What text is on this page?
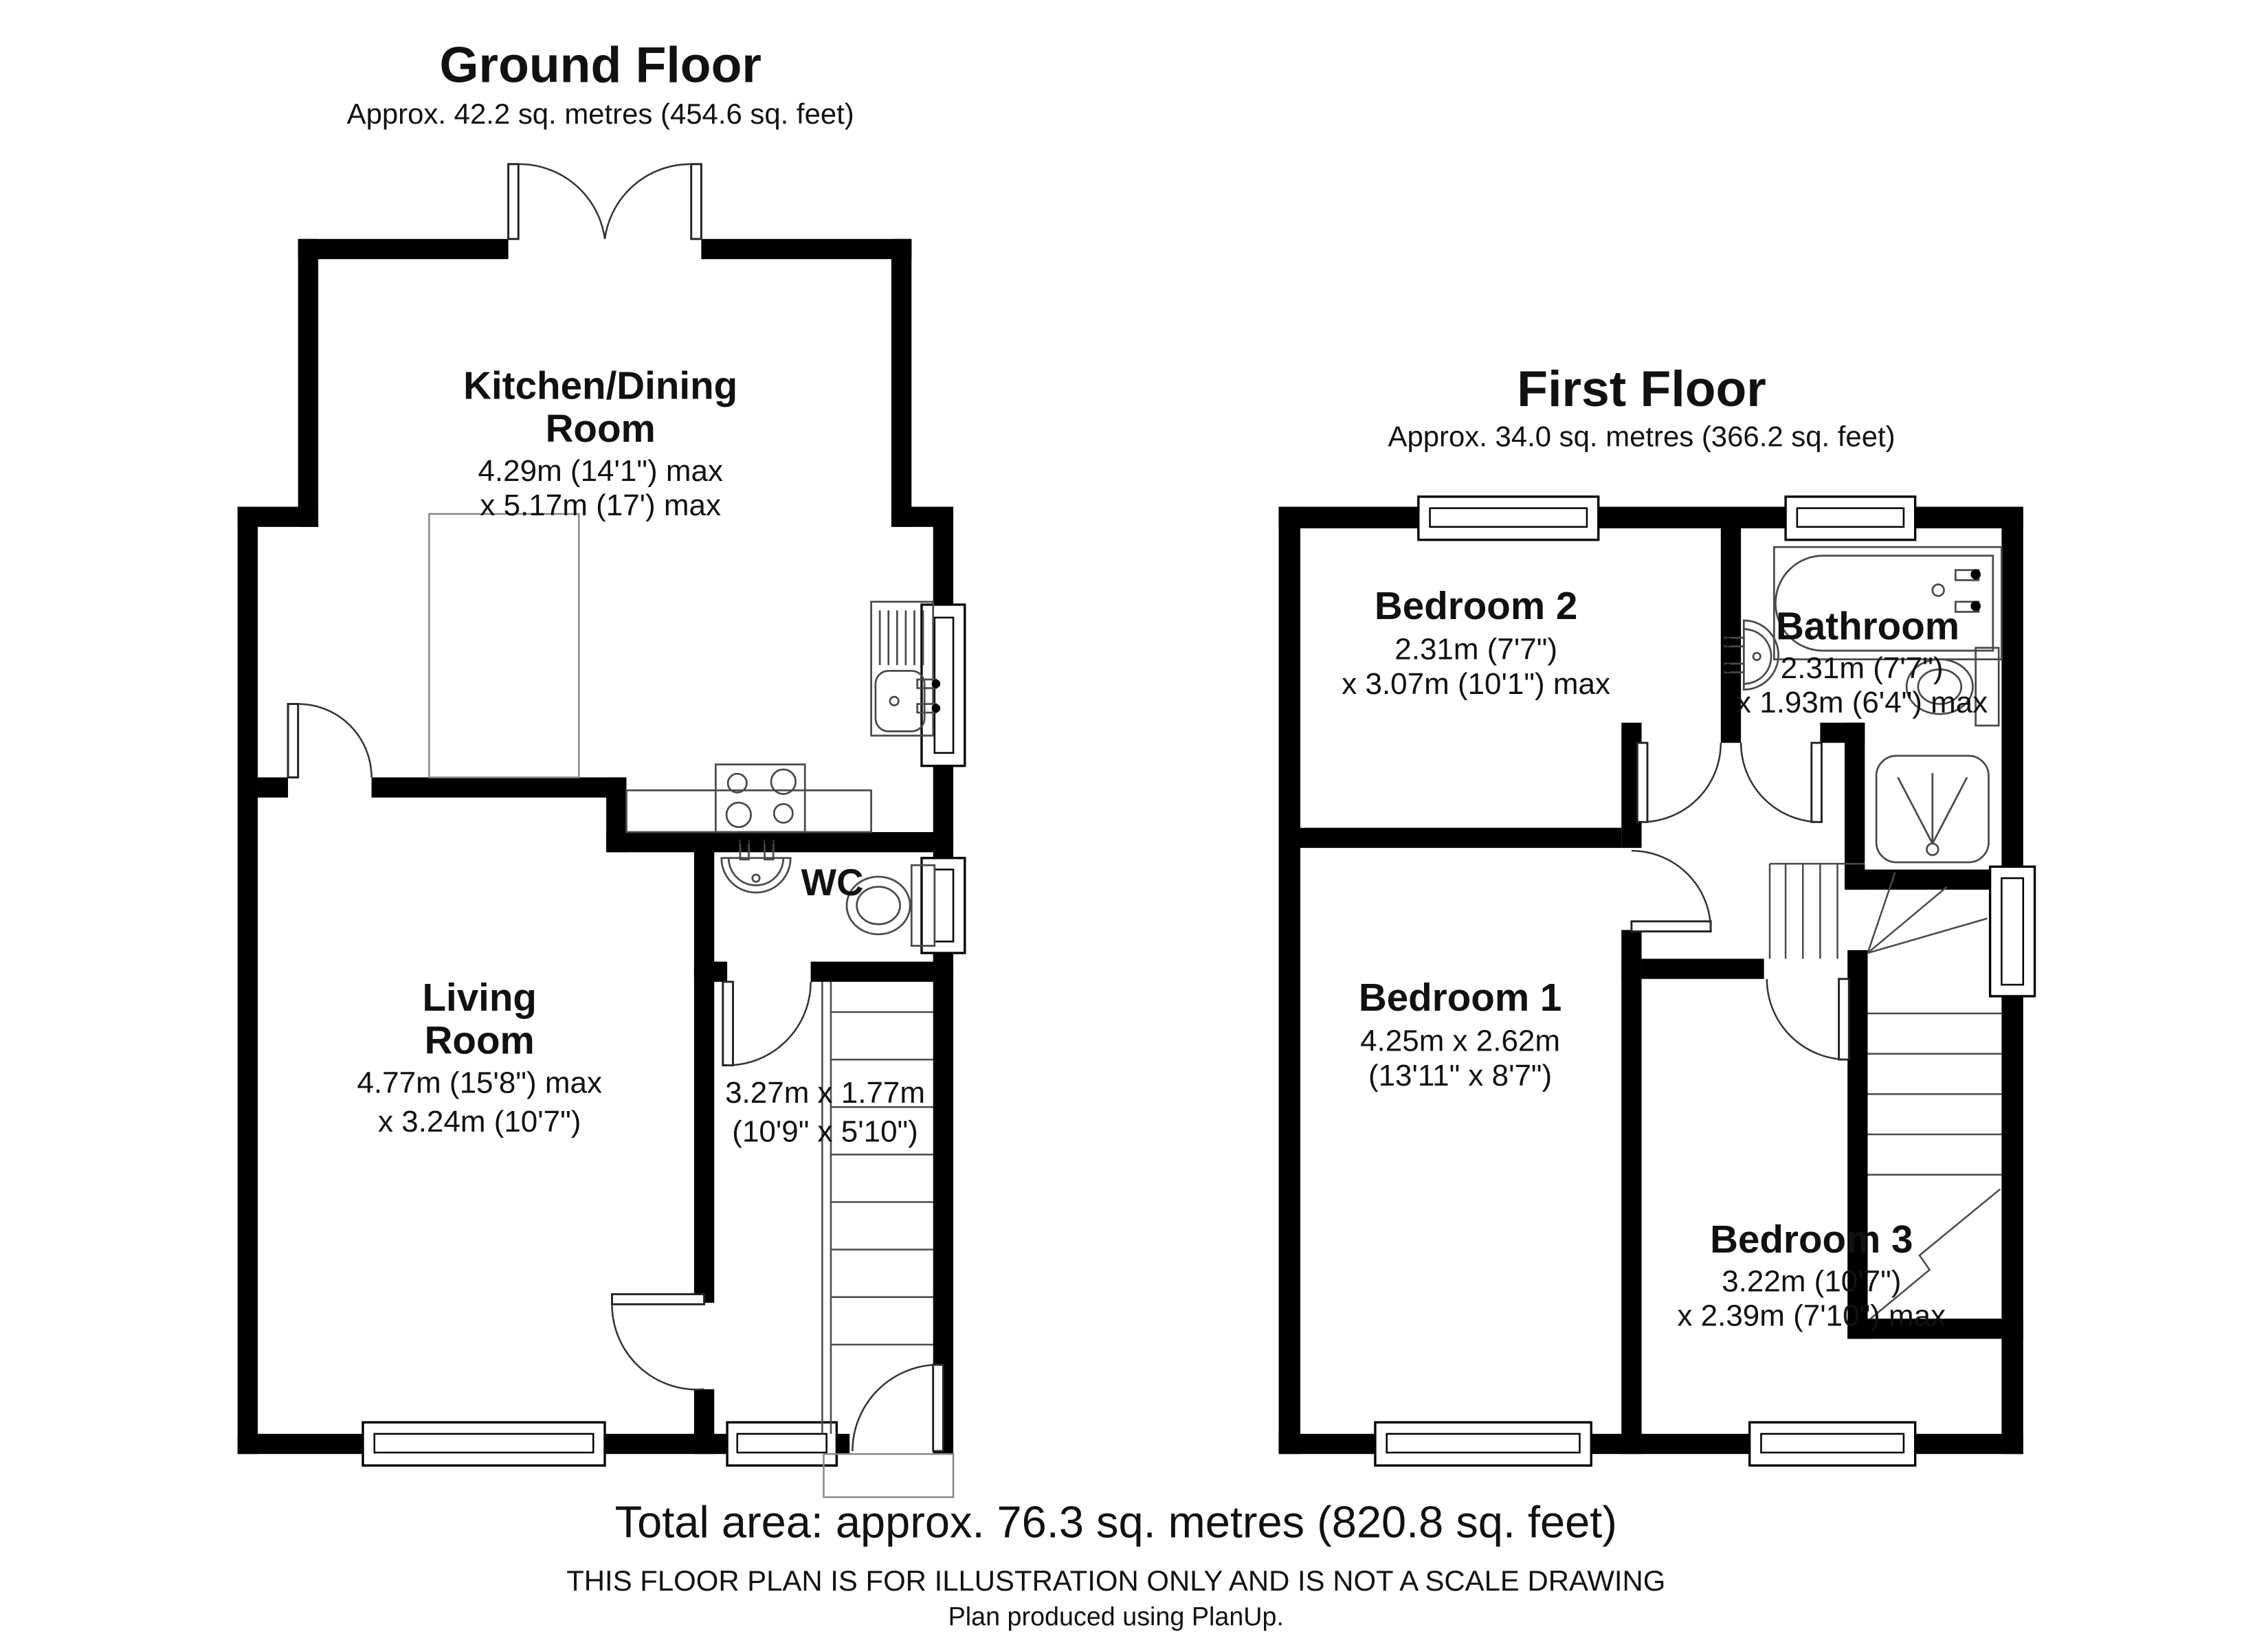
Ground Floor
Approx. 42.2 sq. metres (454.6 sq. feet)
Kitchen/Dining
Room
4.29m (14'1") max
x 5.17m (17') max
Living
Room
4.77m (15'8") max
x 3.24m (10'7")
WC
3.27m x 1.77m
(10'9" x 5'10")
First Floor
Approx. 34.0 sq. metres (366.2 sq. feet)
Bedroom 2
2.31m (7'7")
x 3.07m (10'1") max
Bathroom
2.31m (7'7")
x 1.93m (6'4") max
Bedroom 1
4.25m x 2.62m
(13'11" x 8'7")
Bedroom 3
3.22m (10'7")
x 2.39m (7'10") max
Total area: approx. 76.3 sq. metres (820.8 sq. feet)
THIS FLOOR PLAN IS FOR ILLUSTRATION ONLY AND IS NOT A SCALE DRAWING
Plan produced using PlanUp.
